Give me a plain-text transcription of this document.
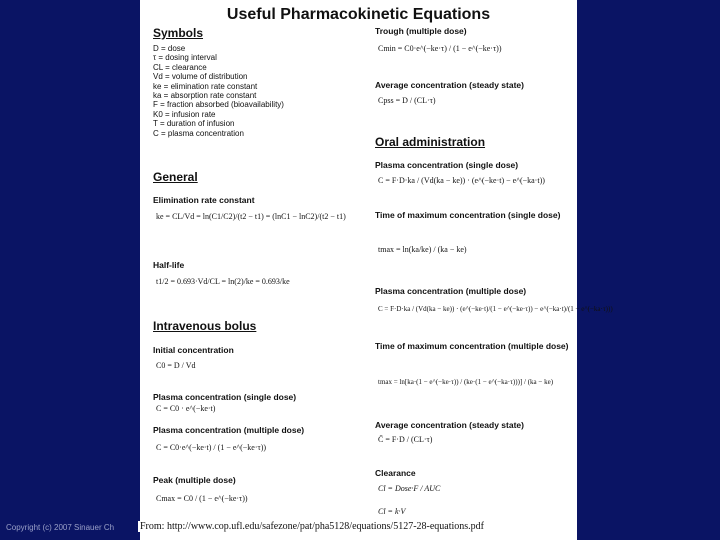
Useful Pharmacokinetic Equations
Symbols
D = dose
τ = dosing interval
CL = clearance
Vd = volume of distribution
ke = elimination rate constant
ka = absorption rate constant
F = fraction absorbed (bioavailability)
K0 = infusion rate
T = duration of infusion
C = plasma concentration
General
Elimination rate constant
ke = CL/Vd = ln(C1/C2)/(t2 − t1) = (lnC1 − lnC2)/(t2 − t1)
Half-life
t1/2 = 0.693·Vd/CL = ln(2)/ke = 0.693/ke
Intravenous bolus
Initial concentration
C0 = D / Vd
Plasma concentration (single dose)
C = C0 · e^(−ke·t)
Plasma concentration (multiple dose)
C = C0·e^(−ke·t) / (1 − e^(−ke·τ))
Peak (multiple dose)
Cmax = C0 / (1 − e^(−ke·τ))
Trough (multiple dose)
Cmin = C0·e^(−ke·τ) / (1 − e^(−ke·τ))
Average concentration (steady state)
Cpss = D / (CL·τ)
Oral administration
Plasma concentration (single dose)
C = F·D·ka / (Vd(ka − ke)) · (e^(−ke·t) − e^(−ka·t))
Time of maximum concentration (single dose)
tmax = ln(ka/ke) / (ka − ke)
Plasma concentration (multiple dose)
C = F·D·ka / (Vd(ka − ke)) · (e^(−ke·t)/(1 − e^(−ke·τ)) − e^(−ka·t)/(1 − e^(−ka·τ)))
Time of maximum concentration (multiple dose)
tmax = ln[ka·(1 − e^(−ke·τ)) / (ke·(1 − e^(−ka·τ)))] / (ka − ke)
Average concentration (steady state)
C̄ = F·D / (CL·τ)
Clearance
Cl = Dose·F / AUC
Cl = k·V
Copyright (c) 2007 Sinauer Ch	From: http://www.cop.ufl.edu/safezone/pat/pha5128/equations/5127-28-equations.pdf
